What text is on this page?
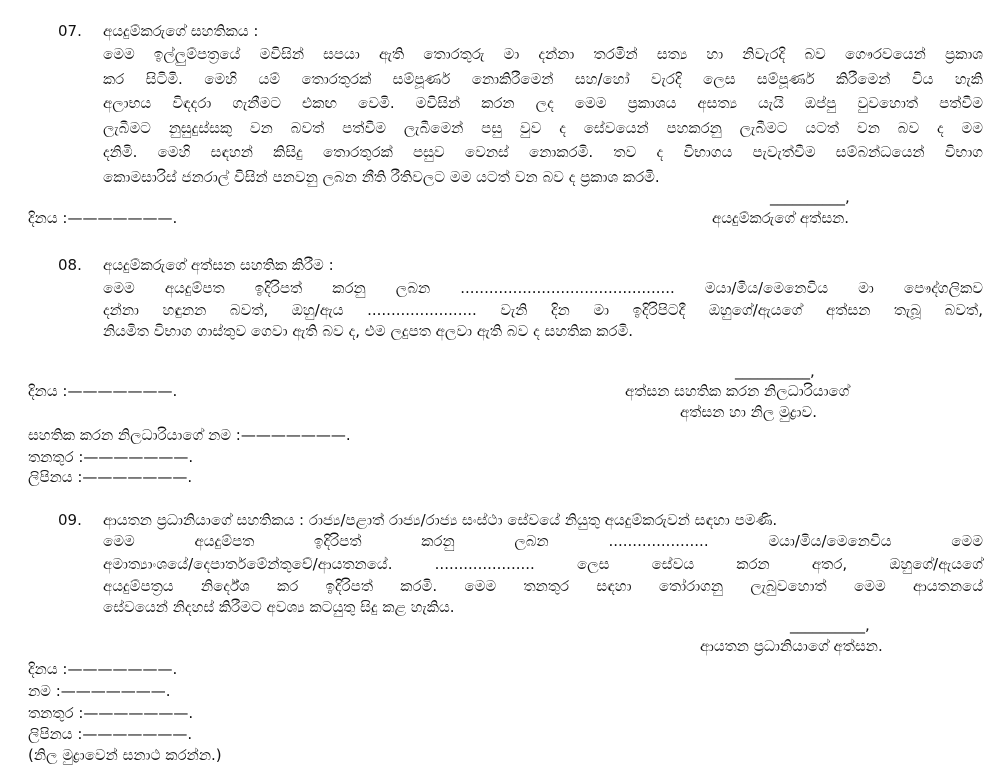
07. අයදුම්කරුගේ සහතිකය :
මෙම ඉල්ලුම්පත්‍රයේ මවිසින් සපයා ඇති තොරතුරු මා දන්නා තරමින් සත්‍ය හා නිවැරදි බව ගෞරවයෙන් ප්‍රකාශ
කර සිටිමි. මෙහි යම් තොරතුරක් සම්පූර්ණ නොකිරීමෙන් සහ/හෝ වැරදි ලෙස සම්පූර්ණ කිරීමෙන් විය හැකි
අලාභය විඳදරා ගැනීමට එකඟ වෙමි. මවිසින් කරන ලද මෙම ප්‍රකාශය අසත්‍ය යැයි ඔප්පු වුවහොත් පත්වීම
ලැබීමට නුසුදුස්සකු වන බවත් පත්වීම ලැබීමෙන් පසු වුව ද සේවයෙන් පහකරනු ලැබීමට යටත් වන බව ද මම
දනිමි. මෙහි සඳහන් කිසිදු තොරතුරක් පසුව වෙනස් නොකරමි. තව ද විභාගය පැවැත්වීම සම්බන්ධයෙන් විභාග
කොමසාරිස් ජනරාල් විසින් පනවනු ලබන නීති රීතිවලට මම යටත් වන බව ද ප්‍රකාශ කරමි.
__________,
දිනය :———————.	අයදුම්කරුගේ අත්සන.
08. අයදුම්කරුගේ අත්සන සහතික කිරීම :
මෙම අයදුම්පත ඉදිරිපත් කරනු ලබන ............................................. මයා/මිය/මෙනෙවිය මා පෞද්ගලිකව
දන්නා හඳුනන බවත්, ඔහු/ඇය ....................... වැනි දින මා ඉදිරිපිටදී ඔහුගේ/ඇයගේ අත්සන තැබූ බවත්,
නියමිත විභාග ගාස්තුව ගෙවා ඇති බව ද, එම ලදුපත අලවා ඇති බව ද සහතික කරමි.
__________,
දිනය :———————.	අත්සන සහතික කරන නිලධාරියාගේ
අත්සන හා නිල මුද්‍රාව.
සහතික කරන නිලධාරියාගේ නම :———————.
තනතුර :———————.
ලිපිනය :———————.
09. ආයතන ප්‍රධානියාගේ සහතිකය : රාජ්‍ය/පළාත් රාජ්‍ය/රාජ්‍ය සංස්ථා සේවයේ නියුතු අයදුම්කරුවන් සඳහා පමණි.
මෙම අයදුම්පත ඉදිරිපත් කරනු ලබන ..................... මයා/මිය/මෙනෙවිය මෙම
අමාත්‍යාංශයේ/දෙපාර්තමේන්තුවේ/ආයතනයේ. ..................... ලෙස සේවය කරන අතර, ඔහුගේ/ඇයගේ
අයදුම්පත්‍රය නිර්දේශ කර ඉදිරිපත් කරමි. මෙම තනතුර සඳහා තෝරාගනු ලැබුවහොත් මෙම ආයතනයේ
සේවයෙන් නිදහස් කිරීමට අවශ්‍ය කටයුතු සිදු කළ හැකිය.
__________,
ආයතන ප්‍රධානියාගේ අත්සන.
දිනය :———————.
නම :———————.
තනතුර :———————.
ලිපිනය :———————.
(නිල මුද්‍රාවෙන් සනාථ කරන්න.)
